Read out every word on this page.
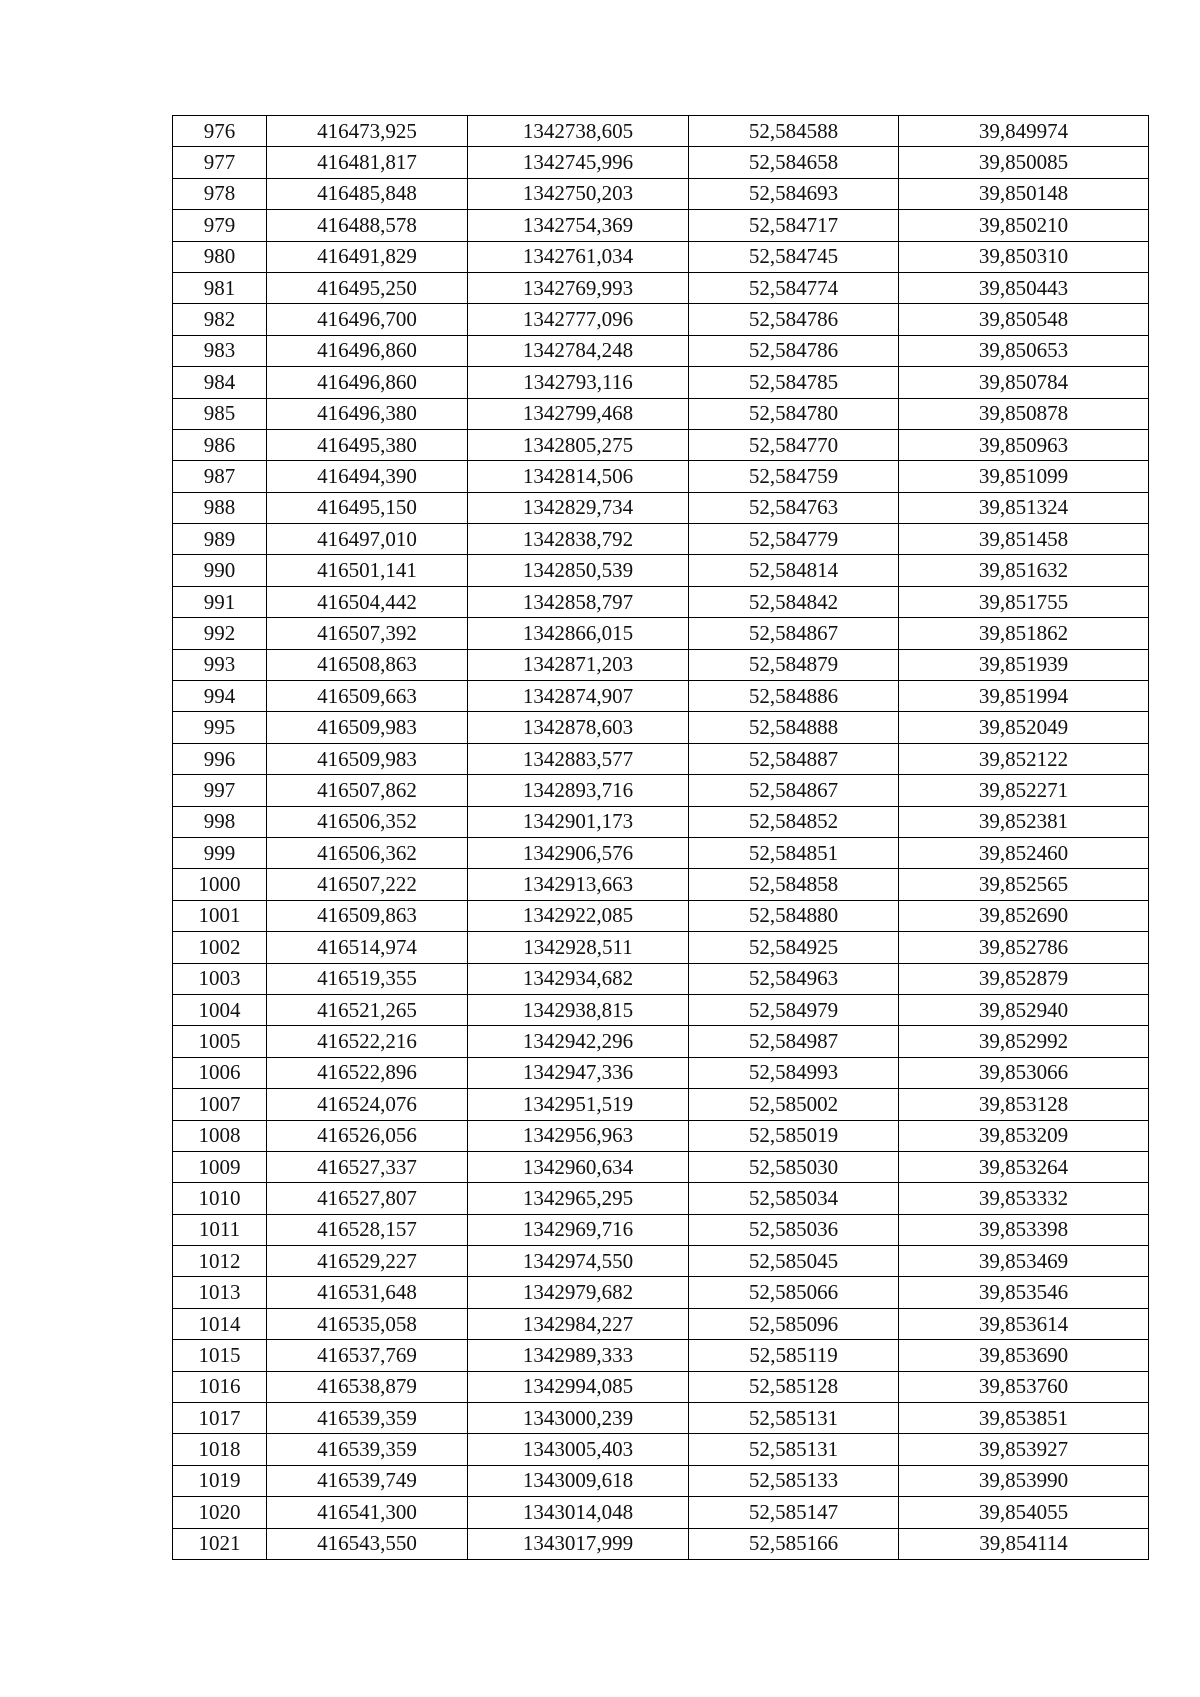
976	416473,925	1342738,605	52,584588	39,849974
977	416481,817	1342745,996	52,584658	39,850085
978	416485,848	1342750,203	52,584693	39,850148
979	416488,578	1342754,369	52,584717	39,850210
980	416491,829	1342761,034	52,584745	39,850310
981	416495,250	1342769,993	52,584774	39,850443
982	416496,700	1342777,096	52,584786	39,850548
983	416496,860	1342784,248	52,584786	39,850653
984	416496,860	1342793,116	52,584785	39,850784
985	416496,380	1342799,468	52,584780	39,850878
986	416495,380	1342805,275	52,584770	39,850963
987	416494,390	1342814,506	52,584759	39,851099
988	416495,150	1342829,734	52,584763	39,851324
989	416497,010	1342838,792	52,584779	39,851458
990	416501,141	1342850,539	52,584814	39,851632
991	416504,442	1342858,797	52,584842	39,851755
992	416507,392	1342866,015	52,584867	39,851862
993	416508,863	1342871,203	52,584879	39,851939
994	416509,663	1342874,907	52,584886	39,851994
995	416509,983	1342878,603	52,584888	39,852049
996	416509,983	1342883,577	52,584887	39,852122
997	416507,862	1342893,716	52,584867	39,852271
998	416506,352	1342901,173	52,584852	39,852381
999	416506,362	1342906,576	52,584851	39,852460
1000	416507,222	1342913,663	52,584858	39,852565
1001	416509,863	1342922,085	52,584880	39,852690
1002	416514,974	1342928,511	52,584925	39,852786
1003	416519,355	1342934,682	52,584963	39,852879
1004	416521,265	1342938,815	52,584979	39,852940
1005	416522,216	1342942,296	52,584987	39,852992
1006	416522,896	1342947,336	52,584993	39,853066
1007	416524,076	1342951,519	52,585002	39,853128
1008	416526,056	1342956,963	52,585019	39,853209
1009	416527,337	1342960,634	52,585030	39,853264
1010	416527,807	1342965,295	52,585034	39,853332
1011	416528,157	1342969,716	52,585036	39,853398
1012	416529,227	1342974,550	52,585045	39,853469
1013	416531,648	1342979,682	52,585066	39,853546
1014	416535,058	1342984,227	52,585096	39,853614
1015	416537,769	1342989,333	52,585119	39,853690
1016	416538,879	1342994,085	52,585128	39,853760
1017	416539,359	1343000,239	52,585131	39,853851
1018	416539,359	1343005,403	52,585131	39,853927
1019	416539,749	1343009,618	52,585133	39,853990
1020	416541,300	1343014,048	52,585147	39,854055
1021	416543,550	1343017,999	52,585166	39,854114
